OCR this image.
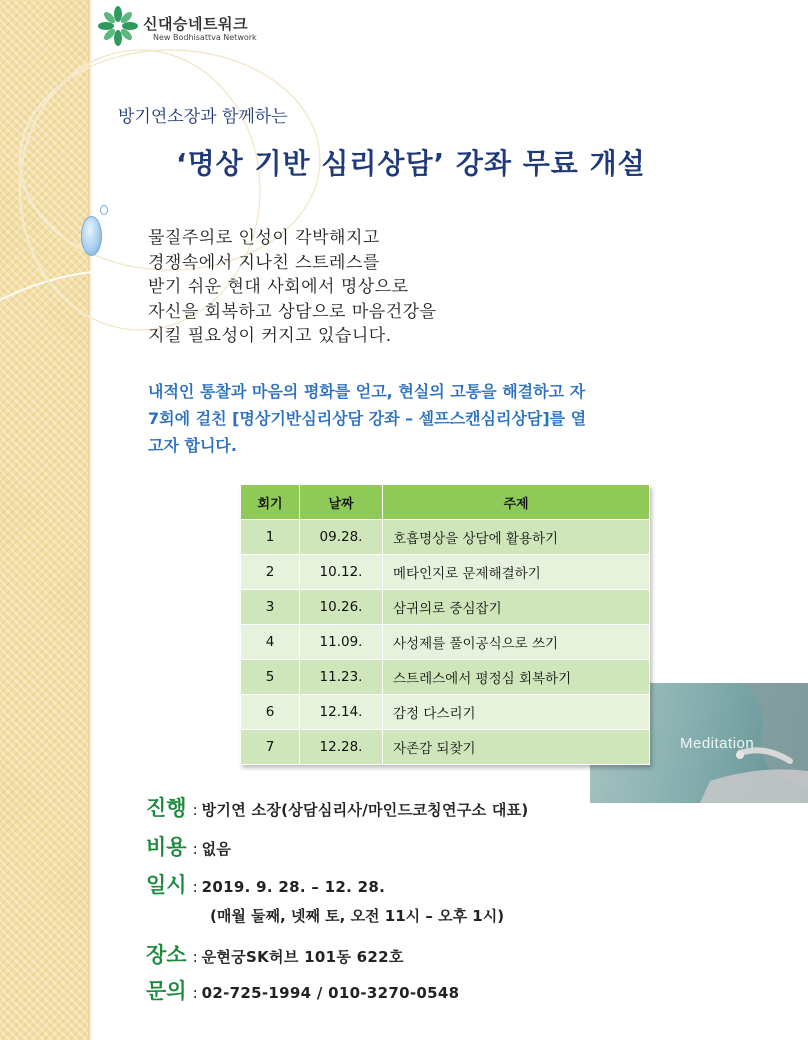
신대승네트워크
New Bodhisattva Network
방기연소장과 함께하는
‘명상 기반 심리상담’ 강좌 무료 개설
물질주의로 인성이 각박해지고
경쟁속에서 지나친 스트레스를
받기 쉬운 현대 사회에서 명상으로
자신을 회복하고 상담으로 마음건강을
지킬 필요성이 커지고 있습니다.
내적인 통찰과 마음의 평화를 얻고, 현실의 고통을 해결하고 자
7회에 걸친 [명상기반심리상담 강좌 – 셀프스캔심리상담]를 열
고자 합니다.
Meditation
회기	날짜	주제
1	09.28.	호흡명상을 상담에 활용하기
2	10.12.	메타인지로 문제해결하기
3	10.26.	삼귀의로 중심잡기
4	11.09.	사성제를 풀이공식으로 쓰기
5	11.23.	스트레스에서 평정심 회복하기
6	12.14.	감정 다스리기
7	12.28.	자존감 되찾기
진행 : 방기연 소장(상담심리사/마인드코칭연구소 대표)
비용 : 없음
일시 : 2019. 9. 28. – 12. 28.
(매월 둘째, 넷째 토, 오전 11시 – 오후 1시)
장소 : 운현궁SK허브 101동 622호
문의 : 02-725-1994 / 010-3270-0548
